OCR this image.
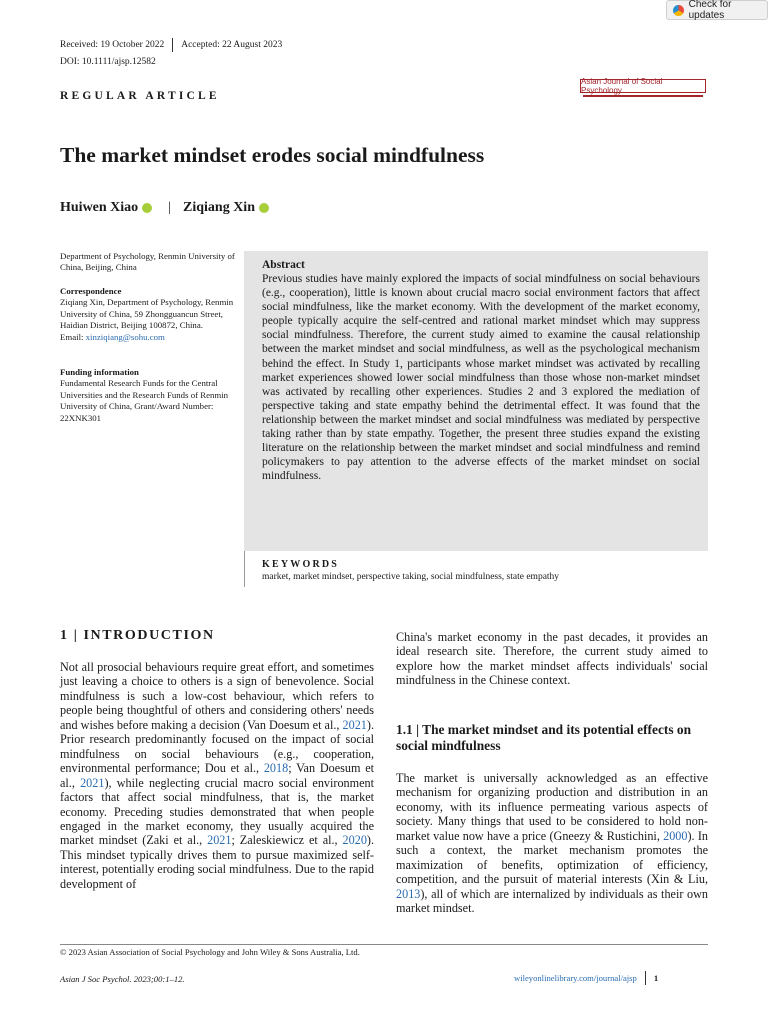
Check for updates
Received: 19 October 2022 Accepted: 22 August 2023
DOI: 10.1111/ajsp.12582
REGULAR ARTICLE
Asian Journal of Social Psychology
The market mindset erodes social mindfulness
Huiwen Xiao | Ziqiang Xin
Department of Psychology, Renmin University of China, Beijing, China
Correspondence
Ziqiang Xin, Department of Psychology, Renmin University of China, 59 Zhongguancun Street, Haidian District, Beijing 100872, China.
Email: xinziqiang@sohu.com
Funding information
Fundamental Research Funds for the Central Universities and the Research Funds of Renmin University of China, Grant/Award Number: 22XNK301
Abstract
Previous studies have mainly explored the impacts of social mindfulness on social behaviours (e.g., cooperation), little is known about crucial macro social environment factors that affect social mindfulness, like the market economy. With the development of the market economy, people typically acquire the self-centred and rational market mindset which may suppress social mindfulness. Therefore, the current study aimed to examine the causal relationship between the market mindset and social mindfulness, as well as the psychological mechanism behind the effect. In Study 1, participants whose market mindset was activated by recalling market experiences showed lower social mindfulness than those whose non-market mindset was activated by recalling other experiences. Studies 2 and 3 explored the mediation of perspective taking and state empathy behind the detrimental effect. It was found that the relationship between the market mindset and social mindfulness was mediated by perspective taking rather than by state empathy. Together, the present three studies expand the existing literature on the relationship between the market mindset and social mindfulness and remind policymakers to pay attention to the adverse effects of the market mindset on social mindfulness.
KEYWORDS
market, market mindset, perspective taking, social mindfulness, state empathy
1 | INTRODUCTION
Not all prosocial behaviours require great effort, and sometimes just leaving a choice to others is a sign of benevolence. Social mindfulness is such a low-cost behaviour, which refers to people being thoughtful of others and considering others' needs and wishes before making a decision (Van Doesum et al., 2021). Prior research predominantly focused on the impact of social mindfulness on social behaviours (e.g., cooperation, environmental performance; Dou et al., 2018; Van Doesum et al., 2021), while neglecting crucial macro social environment factors that affect social mindfulness, that is, the market economy. Preceding studies demonstrated that when people engaged in the market economy, they usually acquired the market mindset (Zaki et al., 2021; Zaleskiewicz et al., 2020). This mindset typically drives them to pursue maximized self-interest, potentially eroding social mindfulness. Due to the rapid development of
China's market economy in the past decades, it provides an ideal research site. Therefore, the current study aimed to explore how the market mindset affects individuals' social mindfulness in the Chinese context.
1.1 | The market mindset and its potential effects on social mindfulness
The market is universally acknowledged as an effective mechanism for organizing production and distribution in an economy, with its influence permeating various aspects of society. Many things that used to be considered to hold non-market value now have a price (Gneezy & Rustichini, 2000). In such a context, the market mechanism promotes the maximization of benefits, optimization of efficiency, competition, and the pursuit of material interests (Xin & Liu, 2013), all of which are internalized by individuals as their own market mindset.
© 2023 Asian Association of Social Psychology and John Wiley & Sons Australia, Ltd.
Asian J Soc Psychol. 2023;00:1–12.	wileyonlinelibrary.com/journal/ajsp 1
